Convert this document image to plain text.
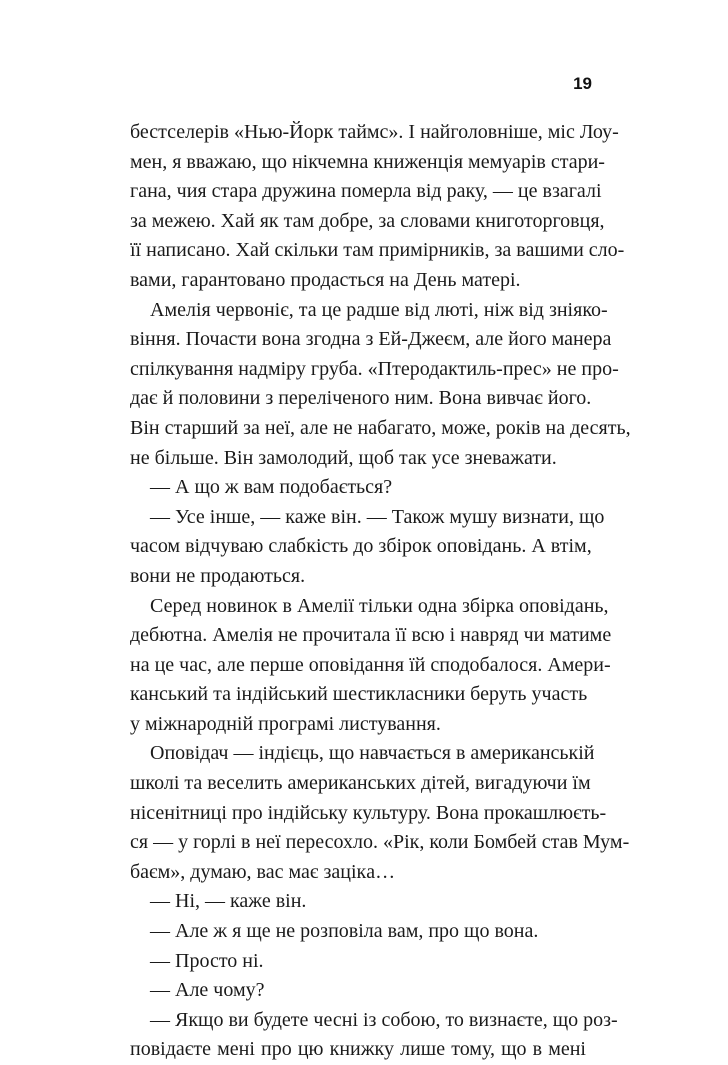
19
бестселерів «Нью-Йорк таймс». І найголовніше, міс Лоу-
мен, я вважаю, що нікчемна книженція мемуарів стари-
гана, чия стара дружина померла від раку, — це взагалі
за межею. Хай як там добре, за словами книготорговця,
її написано. Хай скільки там примірників, за вашими сло-
вами, гарантовано продасться на День матері.
Амелія червоніє, та це радше від люті, ніж від зніяко-
віння. Почасти вона згодна з Ей-Джеєм, але його манера
спілкування надміру груба. «Птеродактиль-прес» не про-
дає й половини з переліченого ним. Вона вивчає його.
Він старший за неї, але не набагато, може, років на десять,
не більше. Він замолодий, щоб так усе зневажати.
— А що ж вам подобається?
— Усе інше, — каже він. — Також мушу визнати, що
часом відчуваю слабкість до збірок оповідань. А втім,
вони не продаються.
Серед новинок в Амелії тільки одна збірка оповідань,
дебютна. Амелія не прочитала її всю і навряд чи матиме
на це час, але перше оповідання їй сподобалося. Амери-
канський та індійський шестикласники беруть участь
у міжнародній програмі листування.
Оповідач — індієць, що навчається в американській
школі та веселить американських дітей, вигадуючи їм
нісенітниці про індійську культуру. Вона прокашлюєть-
ся — у горлі в неї пересохло. «Рік, коли Бомбей став Мум-
баєм», думаю, вас має зацікa…
— Ні, — каже він.
— Але ж я ще не розповіла вам, про що вона.
— Просто ні.
— Але чому?
— Якщо ви будете чесні із собою, то визнаєте, що роз-
повідаєте мені про цю книжку лише тому, що в мені
